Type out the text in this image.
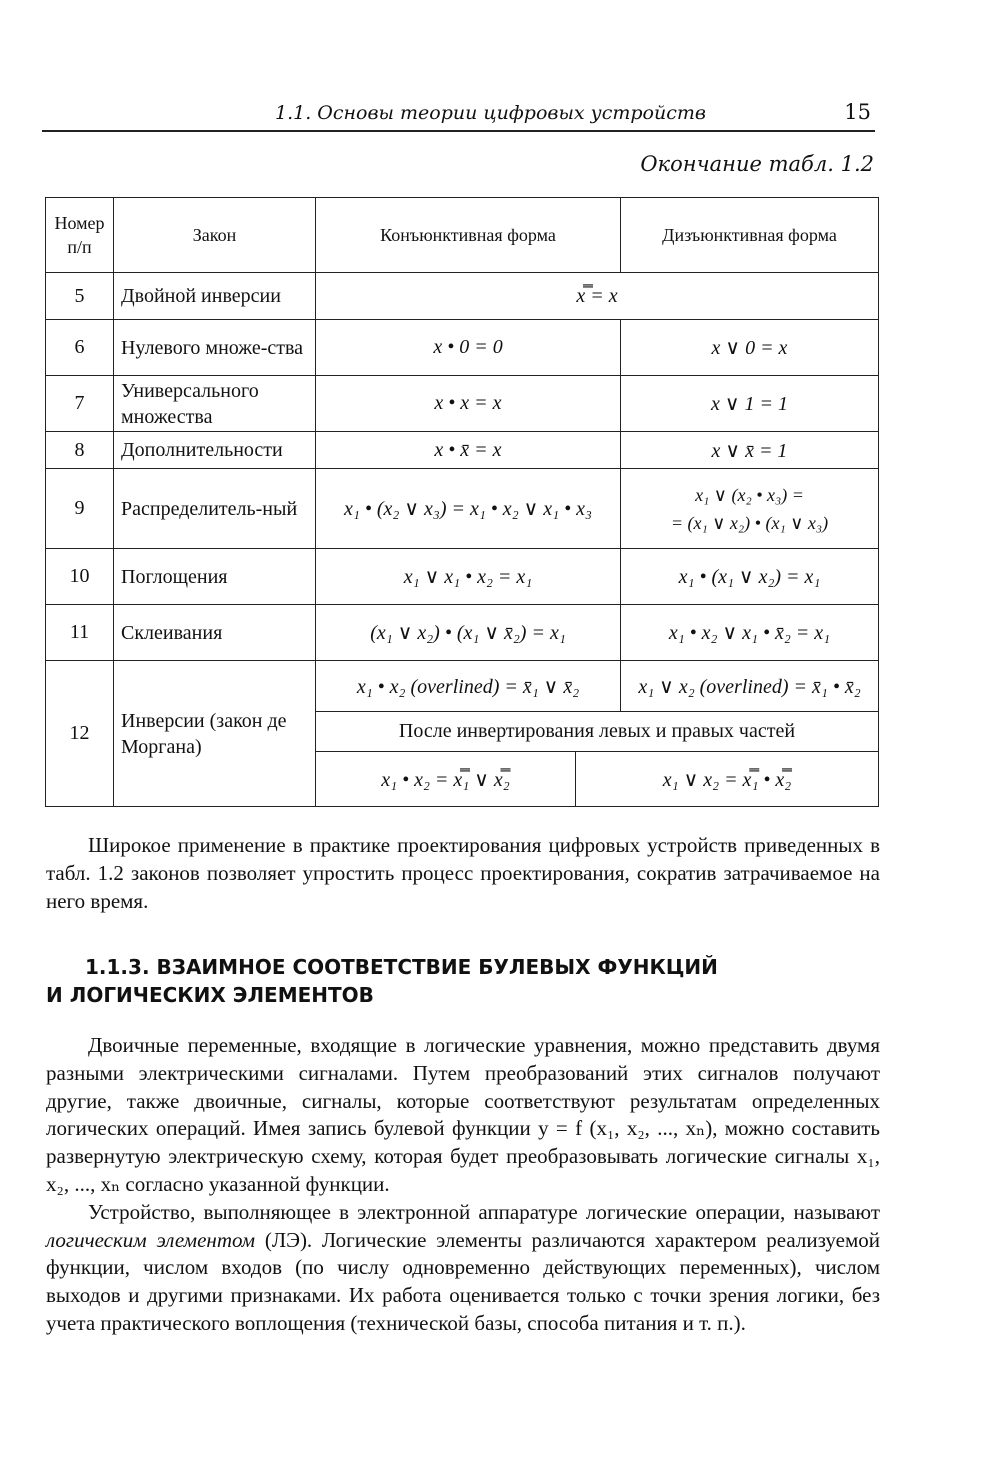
1.1. Основы теории цифровых устройств	15
Окончание табл. 1.2
Номер п/п	Закон	Конъюнктивная форма		Дизъюнктивная форма
5	Двойной инверсии	x̿ = x		
6	Нулевого множе-ства	x • 0 = 0		x ∨ 0 = x
7	Универсального множества	x • x = x		x ∨ 1 = 1
8	Дополнительности	x • x̄ = x		x ∨ x̄ = 1
9	Распределитель-ный	x₁ • (x₂ ∨ x₃) = x₁ • x₂ ∨ x₁ • x₃		x₁ ∨ (x₂ • x₃) =
= (x₁ ∨ x₂) • (x₁ ∨ x₃)

10	Поглощения	x₁ ∨ x₁ • x₂ = x₁		x₁ • (x₁ ∨ x₂) = x₁
11	Склеивания	(x₁ ∨ x₂) • (x₁ ∨ x̄₂) = x₁		x₁ • x₂ ∨ x₁ • x̄₂ = x₁
12	Инверсии (закон де Моргана)	x₁ • x₂ (overlined) = x̄₁ ∨ x̄₂		x₁ ∨ x₂ (overlined) = x̄₁ • x̄₂
		После инвертирования левых и правых частей		
		x₁ • x₂ = x̿₁ ∨ x̿₂	x₁ ∨ x₂ = x̿₁ • x̿₂	

Широкое применение в практике проектирования цифровых устройств приведенных в табл. 1.2 законов позволяет упростить процесс проектирования, сократив затрачиваемое на него время.

1.1.3. ВЗАИМНОЕ СООТВЕТСТВИЕ БУЛЕВЫХ ФУНКЦИЙ
И ЛОГИЧЕСКИХ ЭЛЕМЕНТОВ

Двоичные переменные, входящие в логические уравнения, можно представить двумя разными электрическими сигналами. Путем преобразований этих сигналов получают другие, также двоичные, сигналы, которые соответствуют результатам определенных логических операций. Имея запись булевой функции y = f (x₁, x₂, ..., xₙ), можно составить развернутую электрическую схему, которая будет преобразовывать логические сигналы x₁, x₂, ..., xₙ согласно указанной функции.

Устройство, выполняющее в электронной аппаратуре логические операции, называют логическим элементом (ЛЭ). Логические элементы различаются характером реализуемой функции, числом входов (по числу одновременно действующих переменных), числом выходов и другими признаками. Их работа оценивается только с точки зрения логики, без учета практического воплощения (технической базы, способа питания и т. п.).
